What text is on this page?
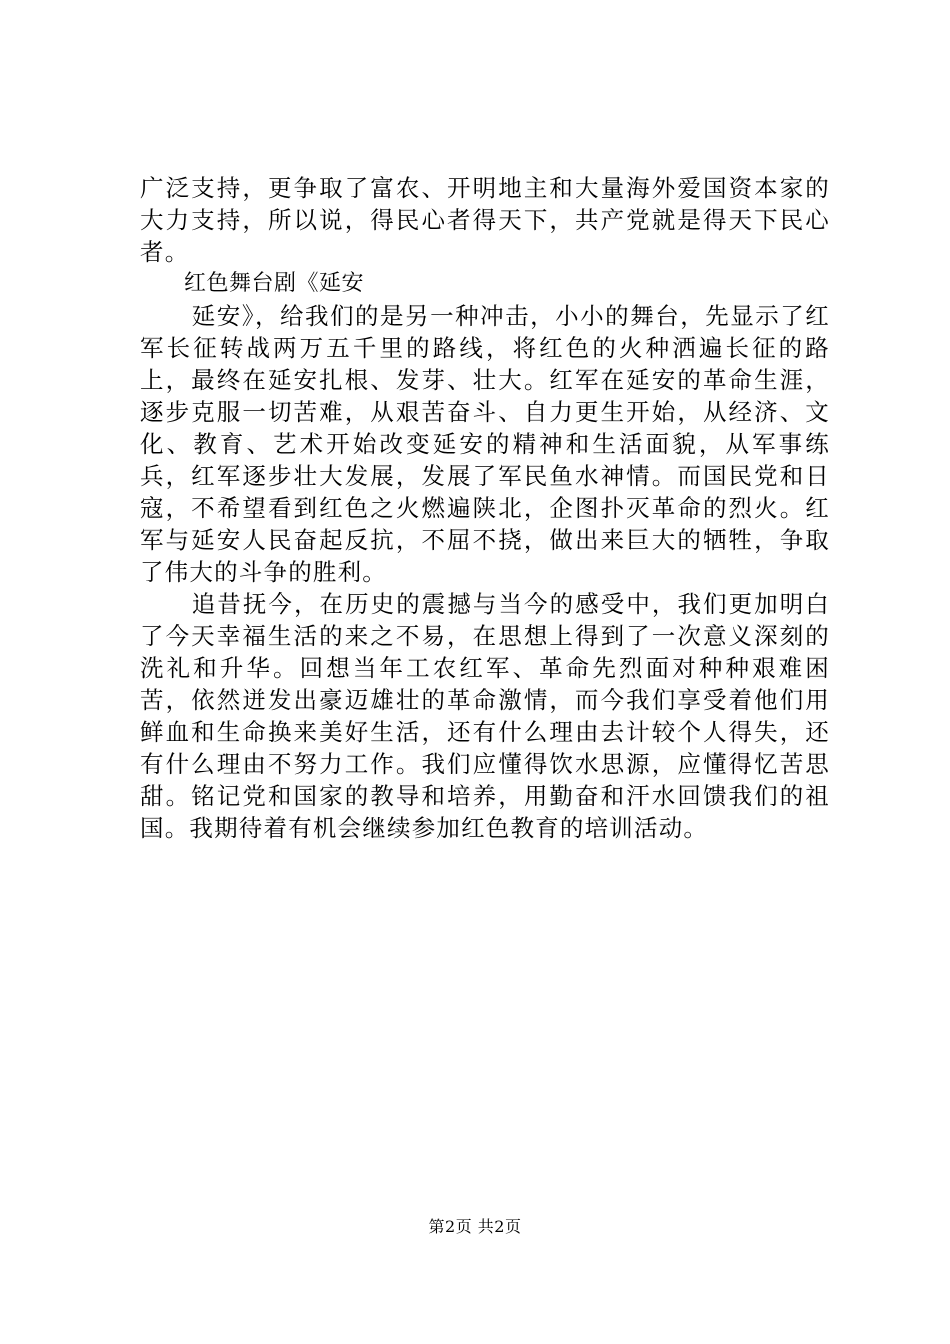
广泛支持，更争取了富农、开明地主和大量海外爱国资本家的大力支持，所以说，得民心者得天下，共产党就是得天下民心者。

红色舞台剧《延安

延安》，给我们的是另一种冲击，小小的舞台，先显示了红军长征转战两万五千里的路线，将红色的火种洒遍长征的路上，最终在延安扎根、发芽、壮大。红军在延安的革命生涯，逐步克服一切苦难，从艰苦奋斗、自力更生开始，从经济、文化、教育、艺术开始改变延安的精神和生活面貌，从军事练兵，红军逐步壮大发展，发展了军民鱼水神情。而国民党和日寇，不希望看到红色之火燃遍陕北，企图扑灭革命的烈火。红军与延安人民奋起反抗，不屈不挠，做出来巨大的牺牲，争取了伟大的斗争的胜利。

追昔抚今，在历史的震撼与当今的感受中，我们更加明白了今天幸福生活的来之不易，在思想上得到了一次意义深刻的洗礼和升华。回想当年工农红军、革命先烈面对种种艰难困苦，依然迸发出豪迈雄壮的革命激情，而今我们享受着他们用鲜血和生命换来美好生活，还有什么理由去计较个人得失，还有什么理由不努力工作。我们应懂得饮水思源，应懂得忆苦思甜。铭记党和国家的教导和培养，用勤奋和汗水回馈我们的祖国。我期待着有机会继续参加红色教育的培训活动。

第2页 共2页
